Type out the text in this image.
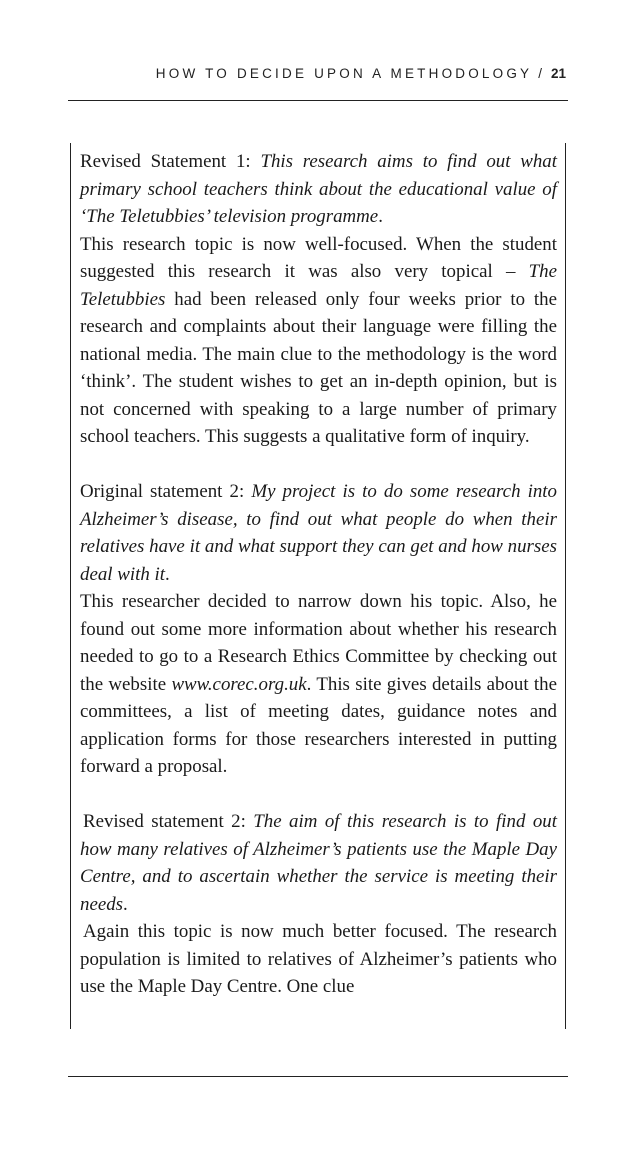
HOW TO DECIDE UPON A METHODOLOGY / 21

Revised Statement 1: This research aims to find out what primary school teachers think about the educational value of ‘The Teletubbies’ television programme.

This research topic is now well-focused. When the student suggested this research it was also very topical – The Teletubbies had been released only four weeks prior to the research and complaints about their language were filling the national media. The main clue to the methodology is the word ‘think’. The student wishes to get an in-depth opinion, but is not concerned with speaking to a large number of primary school teachers. This suggests a qualitative form of inquiry.

Original statement 2: My project is to do some research into Alzheimer’s disease, to find out what people do when their relatives have it and what support they can get and how nurses deal with it.

This researcher decided to narrow down his topic. Also, he found out some more information about whether his research needed to go to a Research Ethics Committee by checking out the website www.corec.org.uk. This site gives details about the committees, a list of meeting dates, guidance notes and application forms for those researchers interested in putting forward a proposal.

Revised statement 2: The aim of this research is to find out how many relatives of Alzheimer’s patients use the Maple Day Centre, and to ascertain whether the service is meeting their needs.

Again this topic is now much better focused. The research population is limited to relatives of Alzheimer’s patients who use the Maple Day Centre. One clue
